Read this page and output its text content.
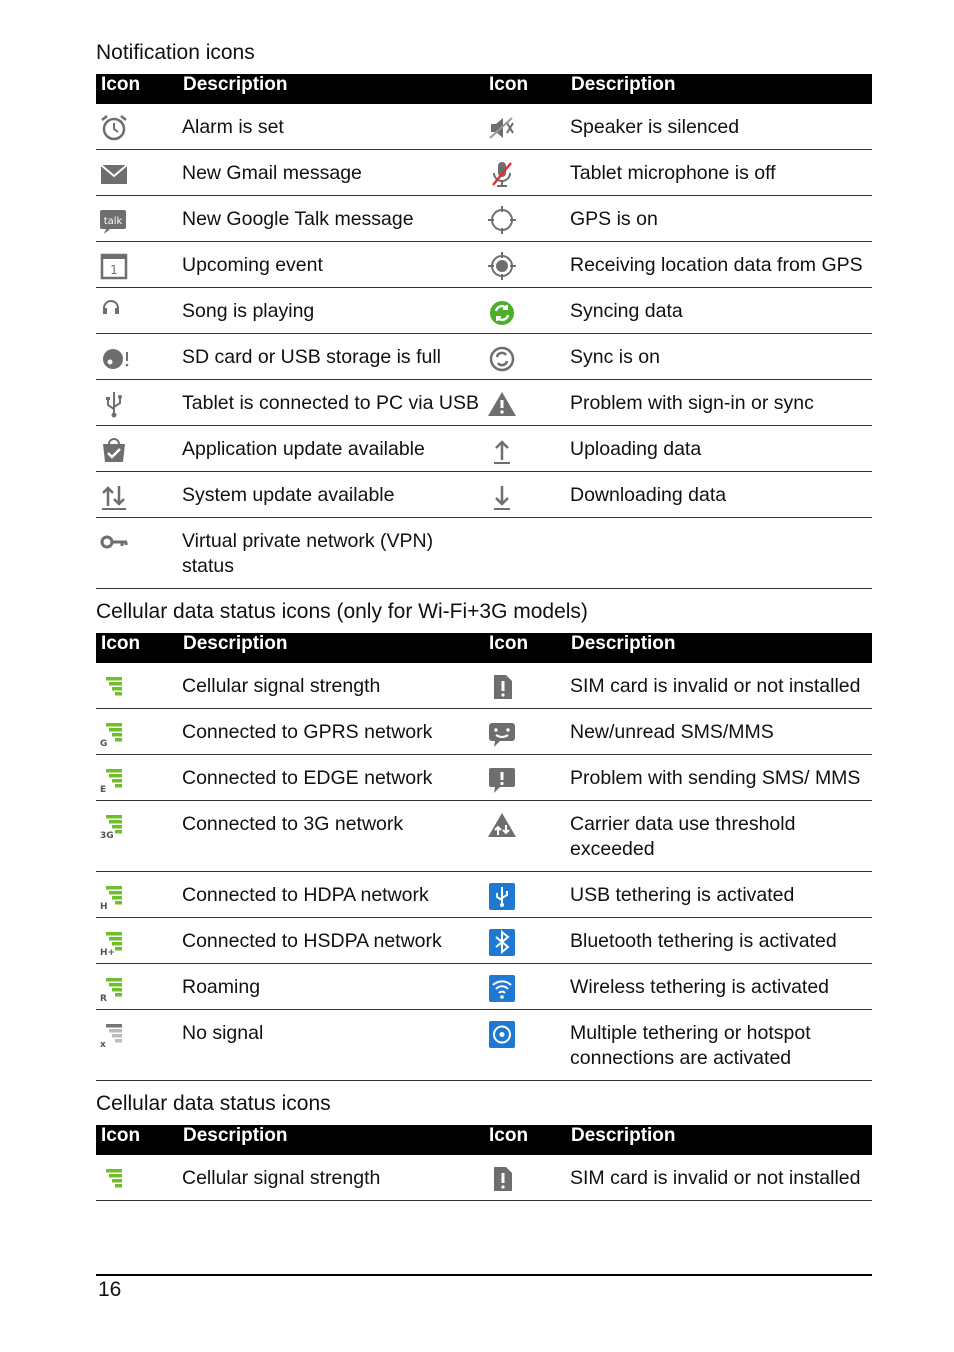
Notification icons
Icon	Description	Icon	Description

	Alarm is set		Speaker is silenced

	New Gmail message		Tablet microphone is off

talk	New Google Talk message		GPS is on

1	Upcoming event		Receiving location data from GPS

	Song is playing		Syncing data

	SD card or USB storage is full		Sync is on

	Tablet is connected to PC via USB		Problem with sign-in or sync

	Application update available		Uploading data

	System update available		Downloading data

	Virtual private network (VPN) status		
Cellular data status icons (only for Wi-Fi+3G models)
Icon	Description	Icon	Description

	Cellular signal strength		SIM card is invalid or not installed

G	Connected to GPRS network		New/unread SMS/MMS

E	Connected to EDGE network		Problem with sending SMS/ MMS

3G	Connected to 3G network		Carrier data use threshold exceeded

H	Connected to HDPA network		USB tethering is activated

H+	Connected to HSDPA network		Bluetooth tethering is activated

R	Roaming		Wireless tethering is activated

x	No signal		Multiple tethering or hotspot connections are activated
Cellular data status icons
Icon	Description	Icon	Description

	Cellular signal strength		SIM card is invalid or not installed
16
